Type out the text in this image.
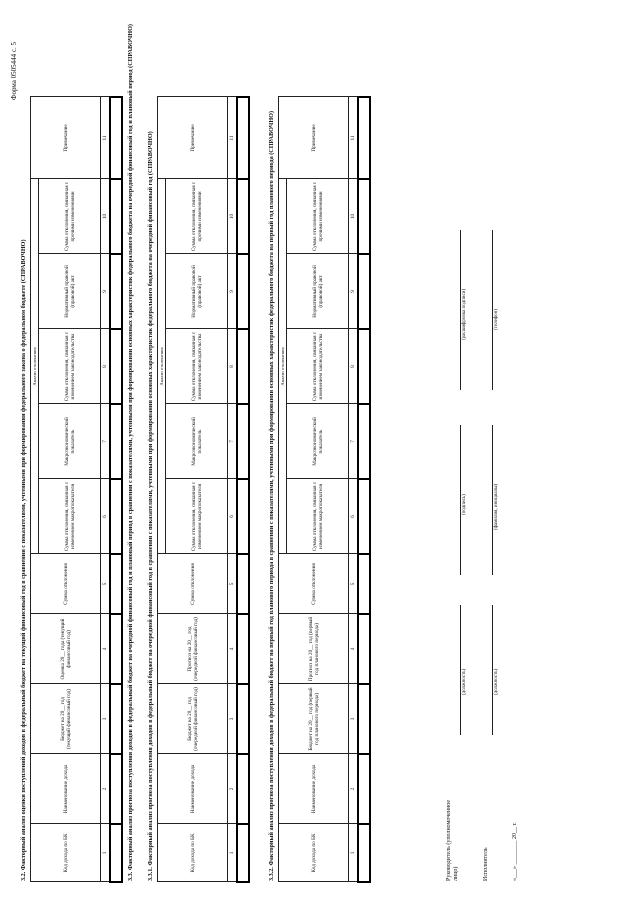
Форма 0505444 с. 5
3.2. Факторный анализ оценки поступлений доходов в федеральный бюджет на текущий финансовый год в сравнении с показателями, учтенными при формировании федерального закона о федеральном бюджете (СПРАВОЧНО)	Код дохода по БК	Наименование дохода	Бюджет на 20__ год (текущий финансовый год)	Оценка 20__ года (текущий финансовый год)	Сумма отклонения	Анализ отклонения					Примечание
					Сумма отклонения, связанная с изменением макропоказателя	Макроэкономический показатель	Сумма отклонения, связанная с изменением законодательства	Нормативный правовой (правовой) акт	Сумма отклонения, связанная с прочими изменениями	
1	2	3	4	5	6	7	8	9	10	11
											3.3. Факторный анализ прогноза поступления доходов в федеральный бюджет на очередной финансовый год и плановый период в сравнении с показателями, учтенными при формировании основных характеристик федерального бюджета на очередной финансовый год и плановый период (СПРАВОЧНО) 3.3.1. Факторный анализ прогноза поступления доходов в федеральный бюджет на очередной финансовый год в сравнении с показателями, учтенными при формировании основных характеристик федерального бюджета на очередной финансовый год (СПРАВОЧНО)	Код дохода по БК	Наименование дохода	Бюджет на 20__ год (очередной финансовый год)	Прогноз на 20__ год (очередной финансовый год)	Сумма отклонения	Анализ отклонения					Примечание
					Сумма отклонения, связанная с изменением макропоказателя	Макроэкономический показатель	Сумма отклонения, связанная с изменением законодательства	Нормативный правовой (правовой) акт	Сумма отклонения, связанная с прочими изменениями	
1	2	3	4	5	6	7	8	9	10	11
											3.3.2. Факторный анализ прогноза поступления доходов в федеральный бюджет на первый год планового периода в сравнении с показателями, учтенными при формировании основных характеристик федерального бюджета на первый год планового периода (СПРАВОЧНО)	Код дохода по БК	Наименование дохода	Бюджет на 20__ год (первый год планового периода)	Прогноз на 20__ год (первый год планового периода)	Сумма отклонения	Анализ отклонения					Примечание
					Сумма отклонения, связанная с изменением макропоказателя	Макроэкономический показатель	Сумма отклонения, связанная с изменением законодательства	Нормативный правовой (правовой) акт	Сумма отклонения, связанная с прочими изменениями	
1	2	3	4	5	6	7	8	9	10	11

Руководитель (уполномоченное лицо)
(должность)
(подпись)
(расшифровка подписи)
Исполнитель
(должность)
(фамилия, инициалы)
(телефон)
«___» ________ 20__ г.
